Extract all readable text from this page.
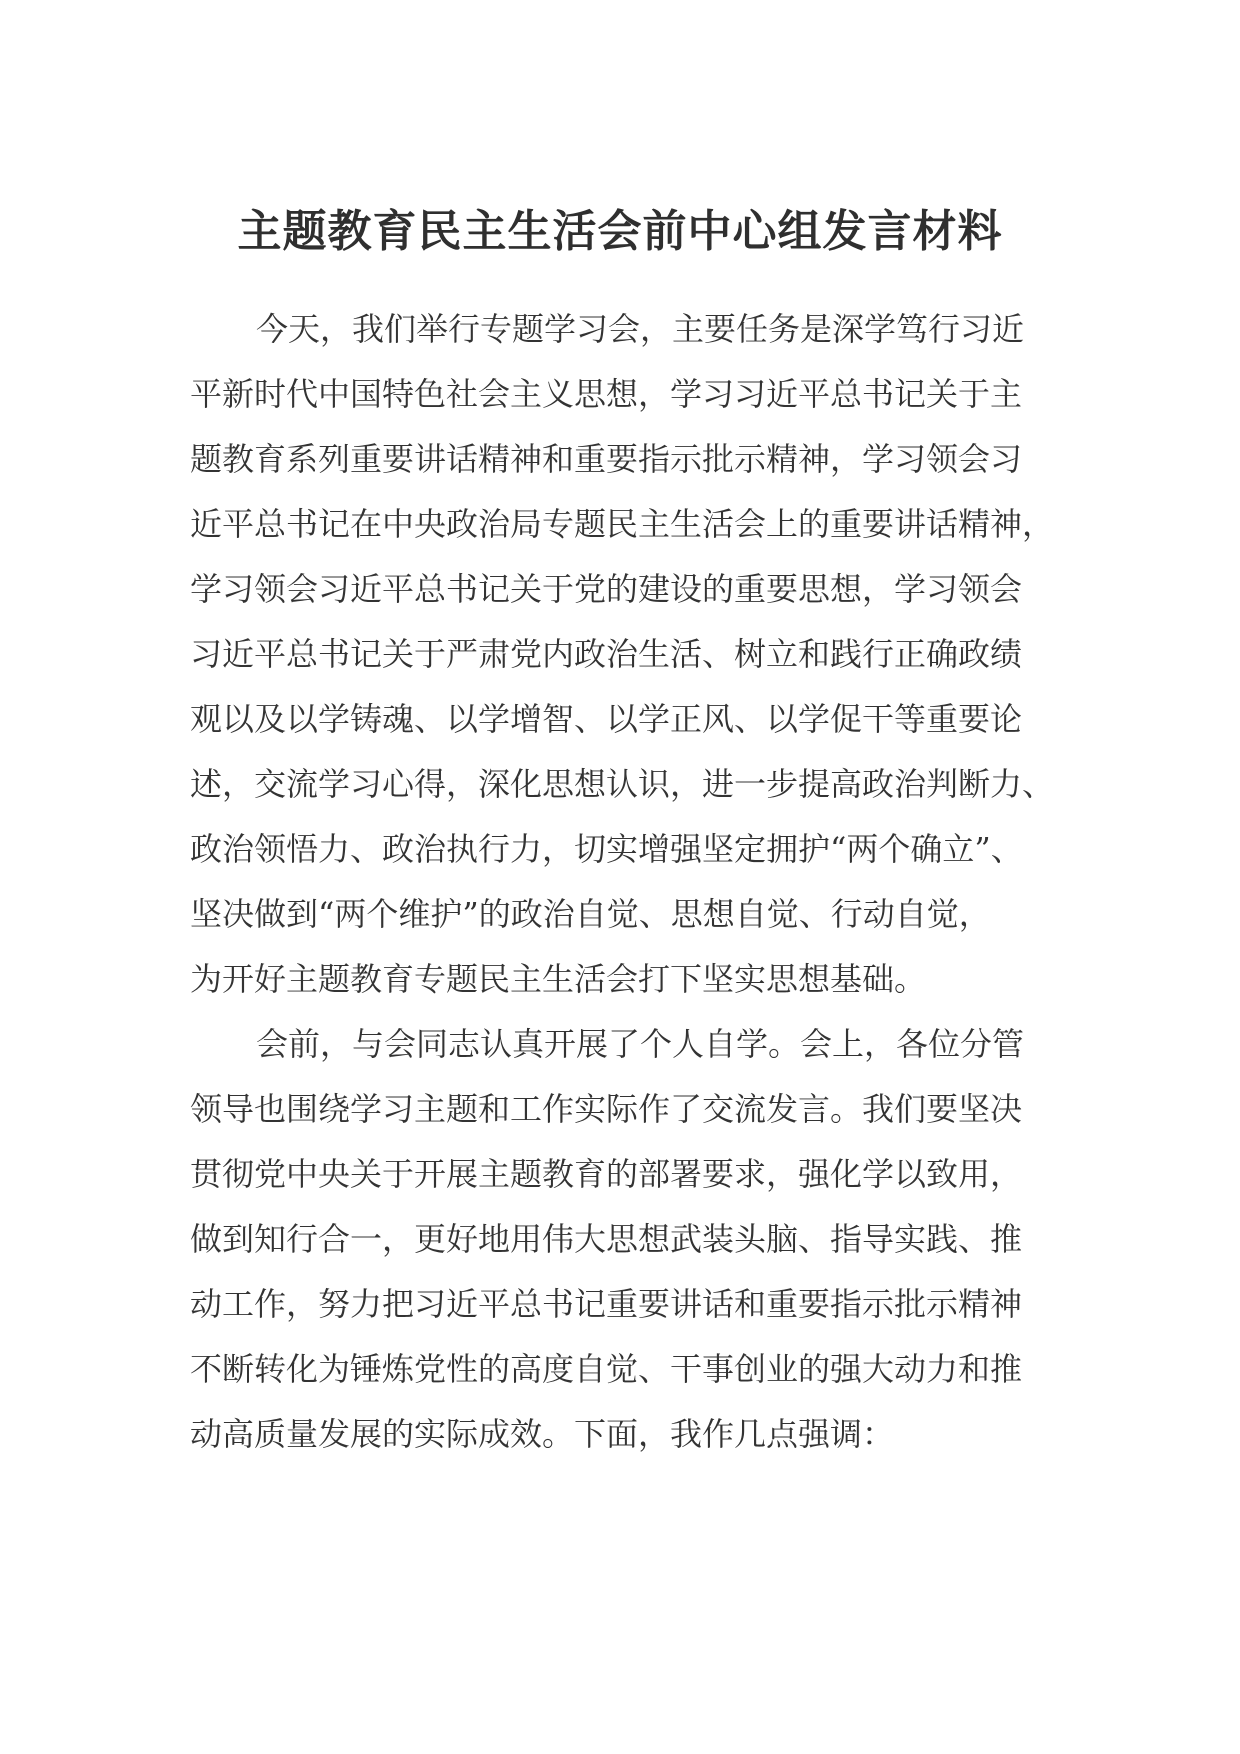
主题教育民主生活会前中心组发言材料
今天，我们举行专题学习会，主要任务是深学笃行习近
平新时代中国特色社会主义思想，学习习近平总书记关于主
题教育系列重要讲话精神和重要指示批示精神，学习领会习
近平总书记在中央政治局专题民主生活会上的重要讲话精神，
学习领会习近平总书记关于党的建设的重要思想，学习领会
习近平总书记关于严肃党内政治生活、树立和践行正确政绩
观以及以学铸魂、以学增智、以学正风、以学促干等重要论
述，交流学习心得，深化思想认识，进一步提高政治判断力、
政治领悟力、政治执行力，切实增强坚定拥护“两个确立”、
坚决做到“两个维护”的政治自觉、思想自觉、行动自觉，
为开好主题教育专题民主生活会打下坚实思想基础。
会前，与会同志认真开展了个人自学。会上，各位分管
领导也围绕学习主题和工作实际作了交流发言。我们要坚决
贯彻党中央关于开展主题教育的部署要求，强化学以致用，
做到知行合一，更好地用伟大思想武装头脑、指导实践、推
动工作，努力把习近平总书记重要讲话和重要指示批示精神
不断转化为锤炼党性的高度自觉、干事创业的强大动力和推
动高质量发展的实际成效。下面，我作几点强调：
